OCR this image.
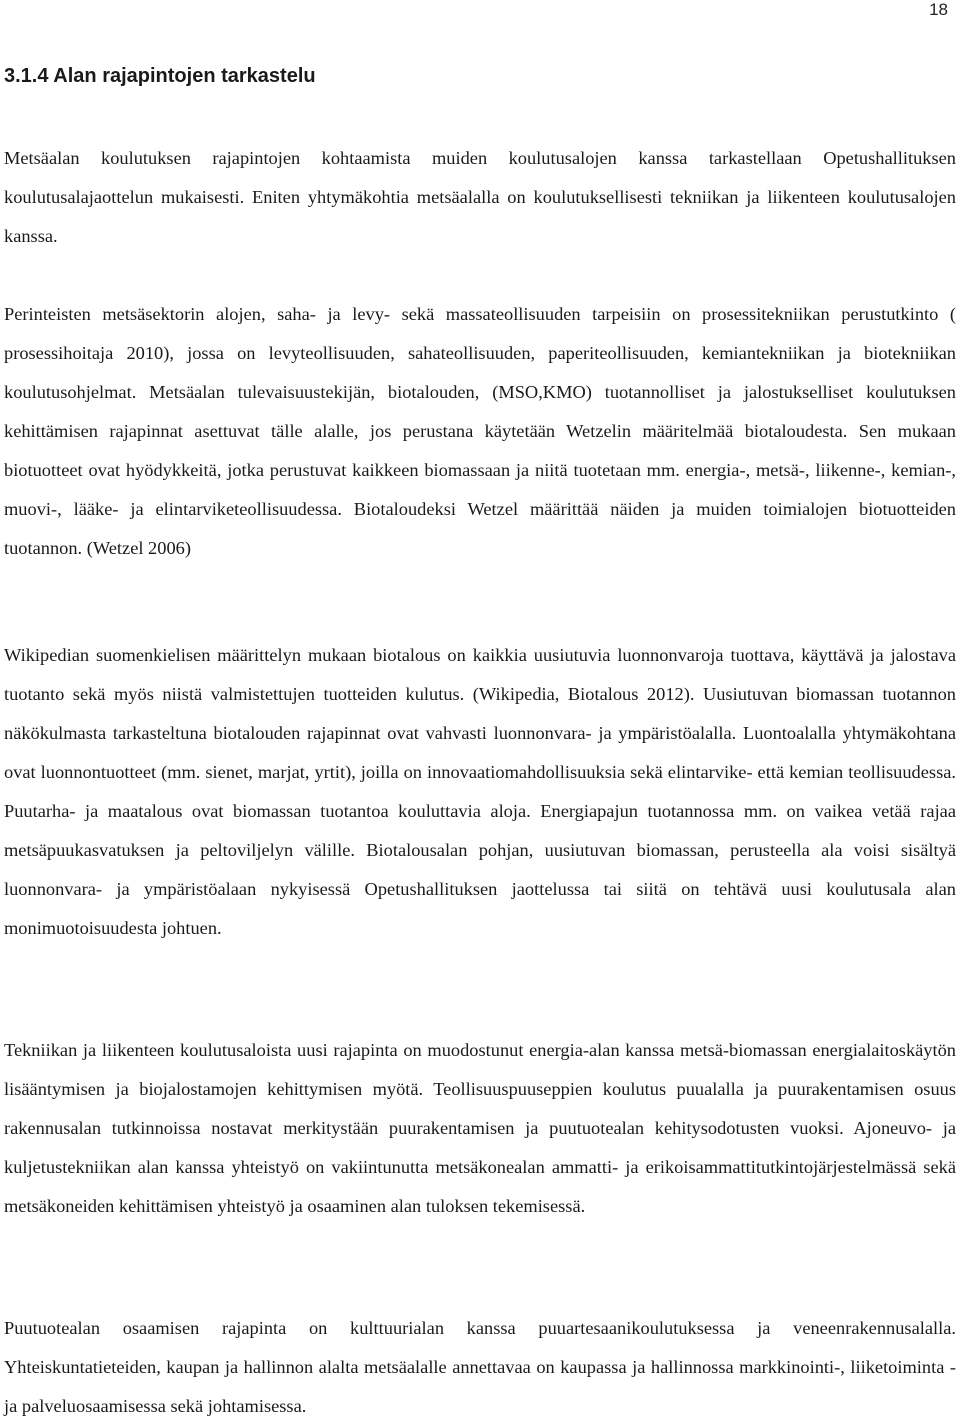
18
3.1.4 Alan rajapintojen tarkastelu

Metsäalan koulutuksen rajapintojen kohtaamista muiden koulutusalojen kanssa tarkastellaan Opetushallituksen koulutusalajaottelun mukaisesti. Eniten yhtymäkohtia metsäalalla on koulutuksellisesti tekniikan ja liikenteen koulutusalojen kanssa.

Perinteisten metsäsektorin alojen, saha- ja levy- sekä massateollisuuden tarpeisiin on prosessitekniikan perustutkinto ( prosessihoitaja 2010), jossa on levyteollisuuden, sahateollisuuden, paperiteollisuuden, kemiantekniikan ja biotekniikan koulutusohjelmat. Metsäalan tulevaisuustekijän, biotalouden, (MSO,KMO) tuotannolliset ja jalostukselliset koulutuksen kehittämisen rajapinnat asettuvat tälle alalle, jos perustana käytetään Wetzelin määritelmää biotaloudesta. Sen mukaan biotuotteet ovat hyödykkeitä, jotka perustuvat kaikkeen biomassaan ja niitä tuotetaan mm. energia-, metsä-, liikenne-, kemian-, muovi-, lääke- ja elintarviketeollisuudessa. Biotaloudeksi Wetzel määrittää näiden ja muiden toimialojen biotuotteiden tuotannon. (Wetzel 2006)

Wikipedian suomenkielisen määrittelyn mukaan biotalous on kaikkia uusiutuvia luonnonvaroja tuottava, käyttävä ja jalostava tuotanto sekä myös niistä valmistettujen tuotteiden kulutus. (Wikipedia, Biotalous 2012). Uusiutuvan biomassan tuotannon näkökulmasta tarkasteltuna biotalouden rajapinnat ovat vahvasti luonnonvara- ja ympäristöalalla. Luontoalalla yhtymäkohtana ovat luonnontuotteet (mm. sienet, marjat, yrtit), joilla on innovaatiomahdollisuuksia sekä elintarvike- että kemian teollisuudessa. Puutarha- ja maatalous ovat biomassan tuotantoa kouluttavia aloja. Energiapajun tuotannossa mm. on vaikea vetää rajaa metsäpuukasvatuksen ja peltoviljelyn välille. Biotalousalan pohjan, uusiutuvan biomassan, perusteella ala voisi sisältyä luonnonvara- ja ympäristöalaan nykyisessä Opetushallituksen jaottelussa tai siitä on tehtävä uusi koulutusala alan monimuotoisuudesta johtuen.

Tekniikan ja liikenteen koulutusaloista uusi rajapinta on muodostunut energia-alan kanssa metsä-biomassan energialaitoskäytön lisääntymisen ja biojalostamojen kehittymisen myötä. Teollisuuspuuseppien koulutus puualalla ja puurakentamisen osuus rakennusalan tutkinnoissa nostavat merkitystään puurakentamisen ja puutuotealan kehitysodotusten vuoksi. Ajoneuvo- ja kuljetustekniikan alan kanssa yhteistyö on vakiintunutta metsäkonealan ammatti- ja erikoisammattitutkintojärjestelmässä sekä metsäkoneiden kehittämisen yhteistyö ja osaaminen alan tuloksen tekemisessä.

Puutuotealan osaamisen rajapinta on kulttuurialan kanssa puuartesaanikoulutuksessa ja veneenrakennusalalla. Yhteiskuntatieteiden, kaupan ja hallinnon alalta metsäalalle annettavaa on kaupassa ja hallinnossa markkinointi-, liiketoiminta -ja palveluosaamisessa sekä johtamisessa.
